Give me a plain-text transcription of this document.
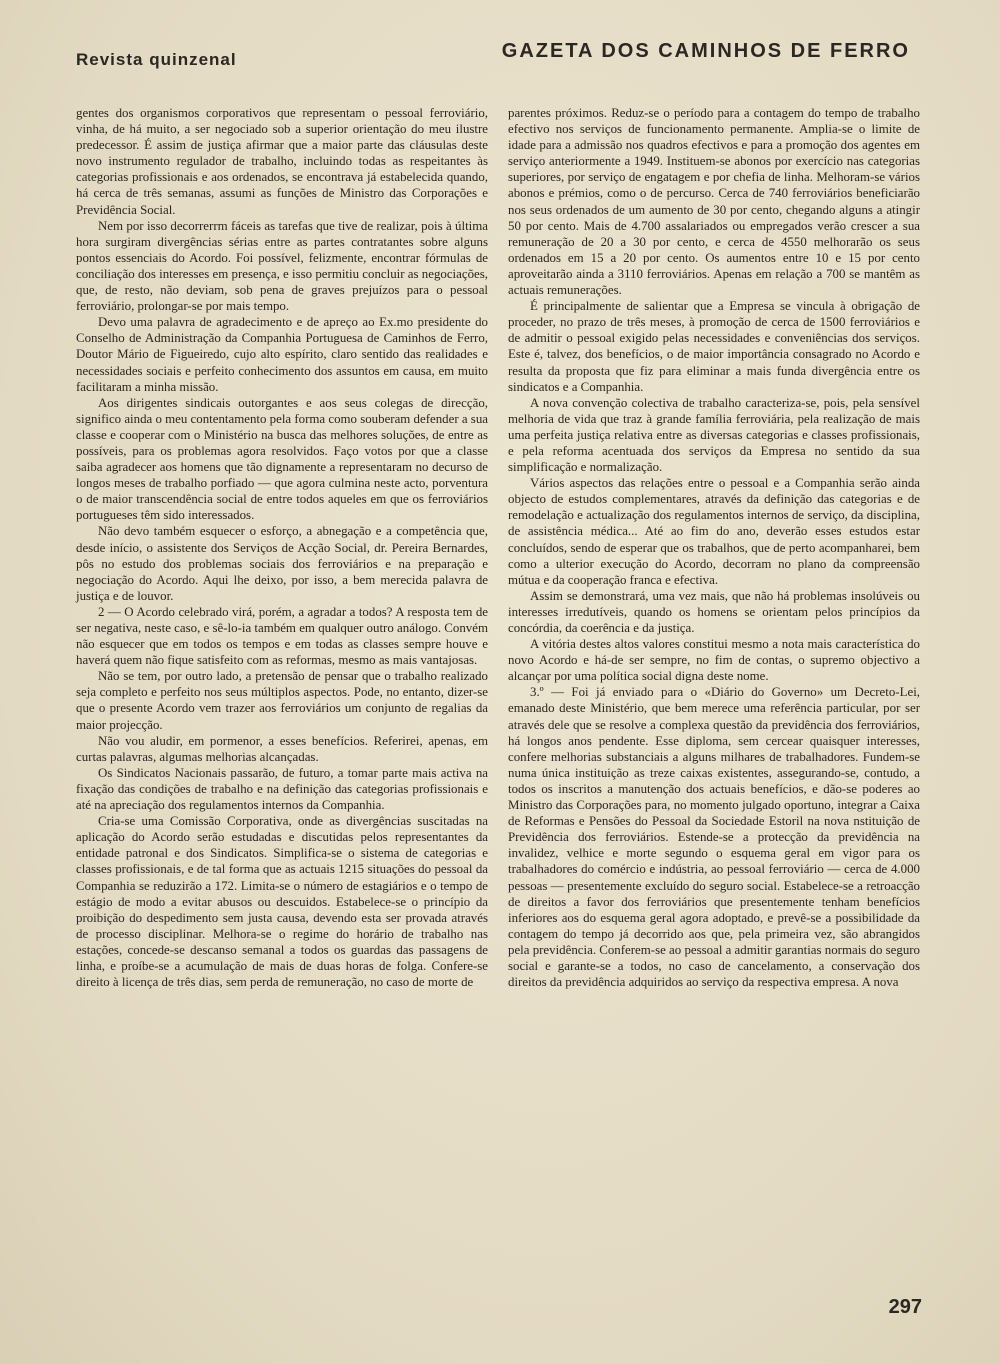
Revista quinzenal	GAZETA DOS CAMINHOS DE FERRO

gentes dos organismos corporativos que representam o pessoal ferroviário, vinha, de há muito, a ser negociado sob a superior orientação do meu ilustre predecessor. É assim de justiça afirmar que a maior parte das cláusulas deste novo instrumento regulador de trabalho, incluindo todas as respeitantes às categorias profissionais e aos ordenados, se encontrava já estabelecida quando, há cerca de três semanas, assumi as funções de Ministro das Corporações e Previdência Social.

Nem por isso decorrerrm fáceis as tarefas que tive de realizar, pois à última hora surgiram divergências sérias entre as partes contratantes sobre alguns pontos essenciais do Acordo. Foi possível, felizmente, encontrar fórmulas de conciliação dos interesses em presença, e isso permitiu concluir as negociações, que, de resto, não deviam, sob pena de graves prejuízos para o pessoal ferroviário, prolongar-se por mais tempo.

Devo uma palavra de agradecimento e de apreço ao Ex.mo presidente do Conselho de Administração da Companhia Portuguesa de Caminhos de Ferro, Doutor Mário de Figueiredo, cujo alto espírito, claro sentido das realidades e necessidades sociais e perfeito conhecimento dos assuntos em causa, em muito facilitaram a minha missão.

Aos dirigentes sindicais outorgantes e aos seus colegas de direcção, significo ainda o meu contentamento pela forma como souberam defender a sua classe e cooperar com o Ministério na busca das melhores soluções, de entre as possíveis, para os problemas agora resolvidos. Faço votos por que a classe saiba agradecer aos homens que tão dignamente a representaram no decurso de longos meses de trabalho porfiado — que agora culmina neste acto, porventura o de maior transcendência social de entre todos aqueles em que os ferroviários portugueses têm sido interessados.

Não devo também esquecer o esforço, a abnegação e a competência que, desde início, o assistente dos Serviços de Acção Social, dr. Pereira Bernardes, pôs no estudo dos problemas sociais dos ferroviários e na preparação e negociação do Acordo. Aqui lhe deixo, por isso, a bem merecida palavra de justiça e de louvor.

2 — O Acordo celebrado virá, porém, a agradar a todos? A resposta tem de ser negativa, neste caso, e sê-lo-ia também em qualquer outro análogo. Convém não esquecer que em todos os tempos e em todas as classes sempre houve e haverá quem não fique satisfeito com as reformas, mesmo as mais vantajosas.

Não se tem, por outro lado, a pretensão de pensar que o trabalho realizado seja completo e perfeito nos seus múltiplos aspectos. Pode, no entanto, dizer-se que o presente Acordo vem trazer aos ferroviários um conjunto de regalias da maior projecção.

Não vou aludir, em pormenor, a esses benefícios. Referirei, apenas, em curtas palavras, algumas melhorias alcançadas.

Os Sindicatos Nacionais passarão, de futuro, a tomar parte mais activa na fixação das condições de trabalho e na definição das categorias profissionais e até na apreciação dos regulamentos internos da Companhia.

Cria-se uma Comissão Corporativa, onde as divergências suscitadas na aplicação do Acordo serão estudadas e discutidas pelos representantes da entidade patronal e dos Sindicatos. Simplifica-se o sistema de categorias e classes profissionais, e de tal forma que as actuais 1215 situações do pessoal da Companhia se reduzirão a 172. Limita-se o número de estagiários e o tempo de estágio de modo a evitar abusos ou descuidos. Estabelece-se o princípio da proibição do despedimento sem justa causa, devendo esta ser provada através de processo disciplinar. Melhora-se o regime do horário de trabalho nas estações, concede-se descanso semanal a todos os guardas das passagens de linha, e proíbe-se a acumulação de mais de duas horas de folga. Confere-se direito à licença de três dias, sem perda de remuneração, no caso de morte de

parentes próximos. Reduz-se o período para a contagem do tempo de trabalho efectivo nos serviços de funcionamento permanente. Amplia-se o limite de idade para a admissão nos quadros efectivos e para a promoção dos agentes em serviço anteriormente a 1949. Instituem-se abonos por exercício nas categorias superiores, por serviço de engatagem e por chefia de linha. Melhoram-se vários abonos e prémios, como o de percurso. Cerca de 740 ferroviários beneficiarão nos seus ordenados de um aumento de 30 por cento, chegando alguns a atingir 50 por cento. Mais de 4.700 assalariados ou empregados verão crescer a sua remuneração de 20 a 30 por cento, e cerca de 4550 melhorarão os seus ordenados em 15 a 20 por cento. Os aumentos entre 10 e 15 por cento aproveitarão ainda a 3110 ferroviários. Apenas em relação a 700 se mantêm as actuais remunerações.

É principalmente de salientar que a Empresa se vincula à obrigação de proceder, no prazo de três meses, à promoção de cerca de 1500 ferroviários e de admitir o pessoal exigido pelas necessidades e conveniências dos serviços. Este é, talvez, dos benefícios, o de maior importância consagrado no Acordo e resulta da proposta que fiz para eliminar a mais funda divergência entre os sindicatos e a Companhia.

A nova convenção colectiva de trabalho caracteriza-se, pois, pela sensível melhoria de vida que traz à grande família ferroviária, pela realização de mais uma perfeita justiça relativa entre as diversas categorias e classes profissionais, e pela reforma acentuada dos serviços da Empresa no sentido da sua simplificação e normalização.

Vários aspectos das relações entre o pessoal e a Companhia serão ainda objecto de estudos complementares, através da definição das categorias e de remodelação e actualização dos regulamentos internos de serviço, da disciplina, de assistência médica... Até ao fim do ano, deverão esses estudos estar concluídos, sendo de esperar que os trabalhos, que de perto acompanharei, bem como a ulterior execução do Acordo, decorram no plano da compreensão mútua e da cooperação franca e efectiva.

Assim se demonstrará, uma vez mais, que não há problemas insolúveis ou interesses irredutíveis, quando os homens se orientam pelos princípios da concórdia, da coerência e da justiça.

A vitória destes altos valores constitui mesmo a nota mais característica do novo Acordo e há-de ser sempre, no fim de contas, o supremo objectivo a alcançar por uma política social digna deste nome.

3.º — Foi já enviado para o «Diário do Governo» um Decreto-Lei, emanado deste Ministério, que bem merece uma referência particular, por ser através dele que se resolve a complexa questão da previdência dos ferroviários, há longos anos pendente. Esse diploma, sem cercear quaisquer interesses, confere melhorias substanciais a alguns milhares de trabalhadores. Fundem-se numa única instituição as treze caixas existentes, assegurando-se, contudo, a todos os inscritos a manutenção dos actuais benefícios, e dão-se poderes ao Ministro das Corporações para, no momento julgado oportuno, integrar a Caixa de Reformas e Pensões do Pessoal da Sociedade Estoril na nova nstituição de Previdência dos ferroviários. Estende-se a protecção da previdência na invalidez, velhice e morte segundo o esquema geral em vigor para os trabalhadores do comércio e indústria, ao pessoal ferroviário — cerca de 4.000 pessoas — presentemente excluído do seguro social. Estabelece-se a retroacção de direitos a favor dos ferroviários que presentemente tenham benefícios inferiores aos do esquema geral agora adoptado, e prevê-se a possibilidade da contagem do tempo já decorrido aos que, pela primeira vez, são abrangidos pela previdência. Conferem-se ao pessoal a admitir garantias normais do seguro social e garante-se a todos, no caso de cancelamento, a conservação dos direitos da previdência adquiridos ao serviço da respectiva empresa. A nova

297
